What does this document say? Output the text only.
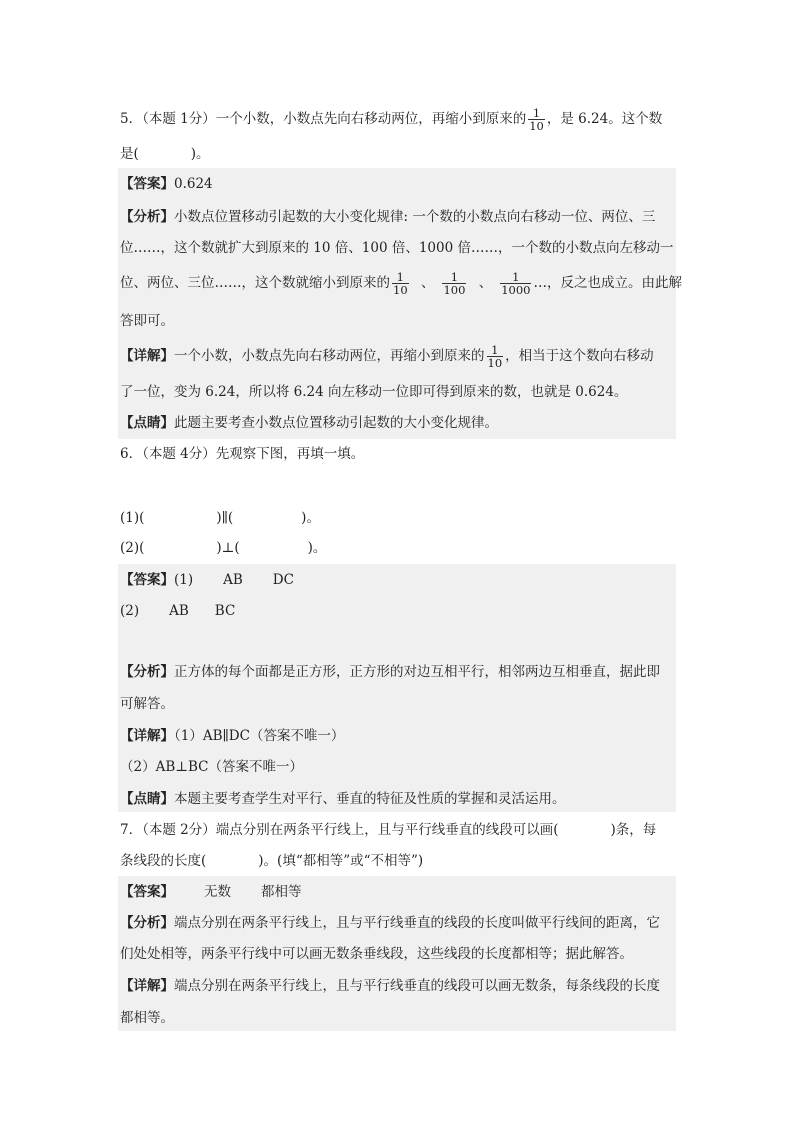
5．（本题 1分）一个小数，小数点先向右移动两位，再缩小到原来的 $\frac{1}{10}$ ，是 6.24。这个数
是(	)。
【答案】0.624
【分析】小数点位置移动引起数的大小变化规律: 一个数的小数点向右移动一位、两位、三
位……，这个数就扩大到原来的 10 倍、100 倍、1000 倍……，一个数的小数点向左移动一
位、两位、三位……，这个数就缩小到原来的 $\frac{1}{10}$ 、 $\frac{1}{100}$ 、 $\frac{1}{1000}$ …，反之也成立。由此解
答即可。
【详解】一个小数，小数点先向右移动两位，再缩小到原来的 $\frac{1}{10}$ ，相当于这个数向右移动
了一位，变为 6.24，所以将 6.24 向左移动一位即可得到原来的数，也就是 0.624。
【点睛】此题主要考查小数点位置移动引起数的大小变化规律。
6．（本题 4分）先观察下图，再填一填。
(1)(	)∥(	)。
(2)(	)⊥(	)。
【答案】(1) AB DC
(2) AB BC
【分析】正方体的每个面都是正方形，正方形的对边互相平行，相邻两边互相垂直，据此即
可解答。
【详解】（1）AB∥DC（答案不唯一）
（2）AB⊥BC（答案不唯一）
【点睛】本题主要考查学生对平行、垂直的特征及性质的掌握和灵活运用。
7．（本题 2分）端点分别在两条平行线上，且与平行线垂直的线段可以画(	)条，每
条线段的长度(	)。(填“都相等”或“不相等”)
【答案】 无数 都相等
【分析】端点分别在两条平行线上，且与平行线垂直的线段的长度叫做平行线间的距离，它
们处处相等，两条平行线中可以画无数条垂线段，这些线段的长度都相等；据此解答。
【详解】端点分别在两条平行线上，且与平行线垂直的线段可以画无数条，每条线段的长度
都相等。
